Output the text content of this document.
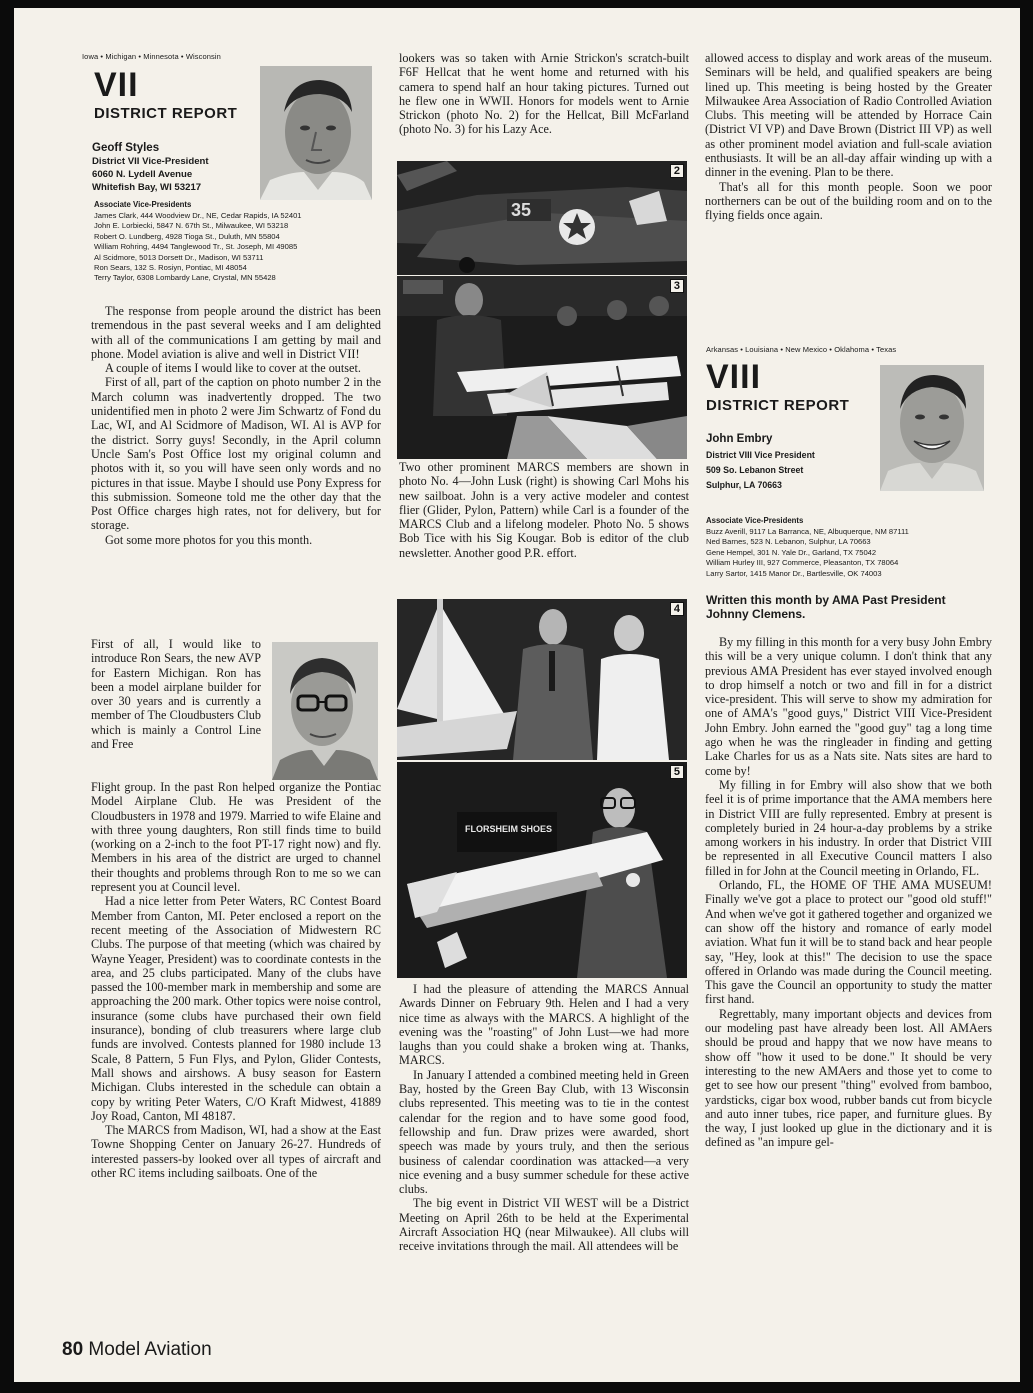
Iowa • Michigan • Minnesota • Wisconsin
VII
DISTRICT REPORT
Geoff Styles
District VII Vice-President
6060 N. Lydell Avenue
Whitefish Bay, WI 53217
Associate Vice-Presidents
James Clark, 444 Woodview Dr., NE, Cedar Rapids, IA 52401
John E. Lorbiecki, 5847 N. 67th St., Milwaukee, WI 53218
Robert O. Lundberg, 4928 Tioga St., Duluth, MN 55804
William Rohring, 4494 Tanglewood Tr., St. Joseph, MI 49085
Al Scidmore, 5013 Dorsett Dr., Madison, WI 53711
Ron Sears, 132 S. Rosiyn, Pontiac, MI 48054
Terry Taylor, 6308 Lombardy Lane, Crystal, MN 55428

The response from people around the district has been tremendous in the past several weeks and I am delighted with all of the communications I am getting by mail and phone. Model aviation is alive and well in District VII!

A couple of items I would like to cover at the outset.

First of all, part of the caption on photo number 2 in the March column was inadvertently dropped. The two unidentified men in photo 2 were Jim Schwartz of Fond du Lac, WI, and Al Scidmore of Madison, WI. Al is AVP for the district. Sorry guys! Secondly, in the April column Uncle Sam's Post Office lost my original column and photos with it, so you will have seen only words and no pictures in that issue. Maybe I should use Pony Express for this submission. Someone told me the other day that the Post Office charges high rates, not for delivery, but for storage.

Got some more photos for you this month.

First of all, I would like to introduce Ron Sears, the new AVP for Eastern Michigan. Ron has been a model airplane builder for over 30 years and is currently a member of The Cloudbusters Club which is mainly a Control Line and Free

Flight group. In the past Ron helped organize the Pontiac Model Airplane Club. He was President of the Cloudbusters in 1978 and 1979. Married to wife Elaine and with three young daughters, Ron still finds time to build (working on a 2-inch to the foot PT-17 right now) and fly. Members in his area of the district are urged to channel their thoughts and problems through Ron to me so we can represent you at Council level.

Had a nice letter from Peter Waters, RC Contest Board Member from Canton, MI. Peter enclosed a report on the recent meeting of the Association of Midwestern RC Clubs. The purpose of that meeting (which was chaired by Wayne Yeager, President) was to coordinate contests in the area, and 25 clubs participated. Many of the clubs have passed the 100-member mark in membership and some are approaching the 200 mark. Other topics were noise control, insurance (some clubs have purchased their own field insurance), bonding of club treasurers where large club funds are involved. Contests planned for 1980 include 13 Scale, 8 Pattern, 5 Fun Flys, and Pylon, Glider Contests, Mall shows and airshows. A busy season for Eastern Michigan. Clubs interested in the schedule can obtain a copy by writing Peter Waters, C/O Kraft Midwest, 41889 Joy Road, Canton, MI 48187.

The MARCS from Madison, WI, had a show at the East Towne Shopping Center on January 26-27. Hundreds of interested passers-by looked over all types of aircraft and other RC items including sailboats. One of the

lookers was so taken with Arnie Strickon's scratch-built F6F Hellcat that he went home and returned with his camera to spend half an hour taking pictures. Turned out he flew one in WWII. Honors for models went to Arnie Strickon (photo No. 2) for the Hellcat, Bill McFarland (photo No. 3) for his Lazy Ace.

35
2
3

Two other prominent MARCS members are shown in photo No. 4—John Lusk (right) is showing Carl Mohs his new sailboat. John is a very active modeler and contest flier (Glider, Pylon, Pattern) while Carl is a founder of the MARCS Club and a lifelong modeler. Photo No. 5 shows Bob Tice with his Sig Kougar. Bob is editor of the club newsletter. Another good P.R. effort.

4
FLORSHEIM SHOES
5

I had the pleasure of attending the MARCS Annual Awards Dinner on February 9th. Helen and I had a very nice time as always with the MARCS. A highlight of the evening was the "roasting" of John Lust—we had more laughs than you could shake a broken wing at. Thanks, MARCS.

In January I attended a combined meeting held in Green Bay, hosted by the Green Bay Club, with 13 Wisconsin clubs represented. This meeting was to tie in the contest calendar for the region and to have some good food, fellowship and fun. Draw prizes were awarded, short speech was made by yours truly, and then the serious business of calendar coordination was attacked—a very nice evening and a busy summer schedule for these active clubs.

The big event in District VII WEST will be a District Meeting on April 26th to be held at the Experimental Aircraft Association HQ (near Milwaukee). All clubs will receive invitations through the mail. All attendees will be

allowed access to display and work areas of the museum. Seminars will be held, and qualified speakers are being lined up. This meeting is being hosted by the Greater Milwaukee Area Association of Radio Controlled Aviation Clubs. This meeting will be attended by Horrace Cain (District VI VP) and Dave Brown (District III VP) as well as other prominent model aviation and full-scale aviation enthusiasts. It will be an all-day affair winding up with a dinner in the evening. Plan to be there.

That's all for this month people. Soon we poor northerners can be out of the building room and on to the flying fields once again.

Arkansas • Louisiana • New Mexico • Oklahoma • Texas
VIII
DISTRICT REPORT
John Embry
District VIII Vice President
509 So. Lebanon Street
Sulphur, LA 70663
Associate Vice-Presidents
Buzz Averill, 9117 La Barranca, NE, Albuquerque, NM 87111
Ned Barnes, 523 N. Lebanon, Sulphur, LA 70663
Gene Hempel, 301 N. Yale Dr., Garland, TX 75042
William Hurley III, 927 Commerce, Pleasanton, TX 78064
Larry Sartor, 1415 Manor Dr., Bartlesville, OK 74003
Written this month by AMA Past President Johnny Clemens.

By my filling in this month for a very busy John Embry this will be a very unique column. I don't think that any previous AMA President has ever stayed involved enough to drop himself a notch or two and fill in for a district vice-president. This will serve to show my admiration for one of AMA's "good guys," District VIII Vice-President John Embry. John earned the "good guy" tag a long time ago when he was the ringleader in finding and getting Lake Charles for us as a Nats site. Nats sites are hard to come by!

My filling in for Embry will also show that we both feel it is of prime importance that the AMA members here in District VIII are fully represented. Embry at present is completely buried in 24 hour-a-day problems by a strike among workers in his industry. In order that District VIII be represented in all Executive Council matters I also filled in for John at the Council meeting in Orlando, FL.

Orlando, FL, the HOME OF THE AMA MUSEUM! Finally we've got a place to protect our "good old stuff!" And when we've got it gathered together and organized we can show off the history and romance of early model aviation. What fun it will be to stand back and hear people say, "Hey, look at this!" The decision to use the space offered in Orlando was made during the Council meeting. This gave the Council an opportunity to study the matter first hand.

Regrettably, many important objects and devices from our modeling past have already been lost. All AMAers should be proud and happy that we now have means to show off "how it used to be done." It should be very interesting to the new AMAers and those yet to come to get to see how our present "thing" evolved from bamboo, yardsticks, cigar box wood, rubber bands cut from bicycle and auto inner tubes, rice paper, and furniture glues. By the way, I just looked up glue in the dictionary and it is defined as "an impure gel-

80 Model Aviation
